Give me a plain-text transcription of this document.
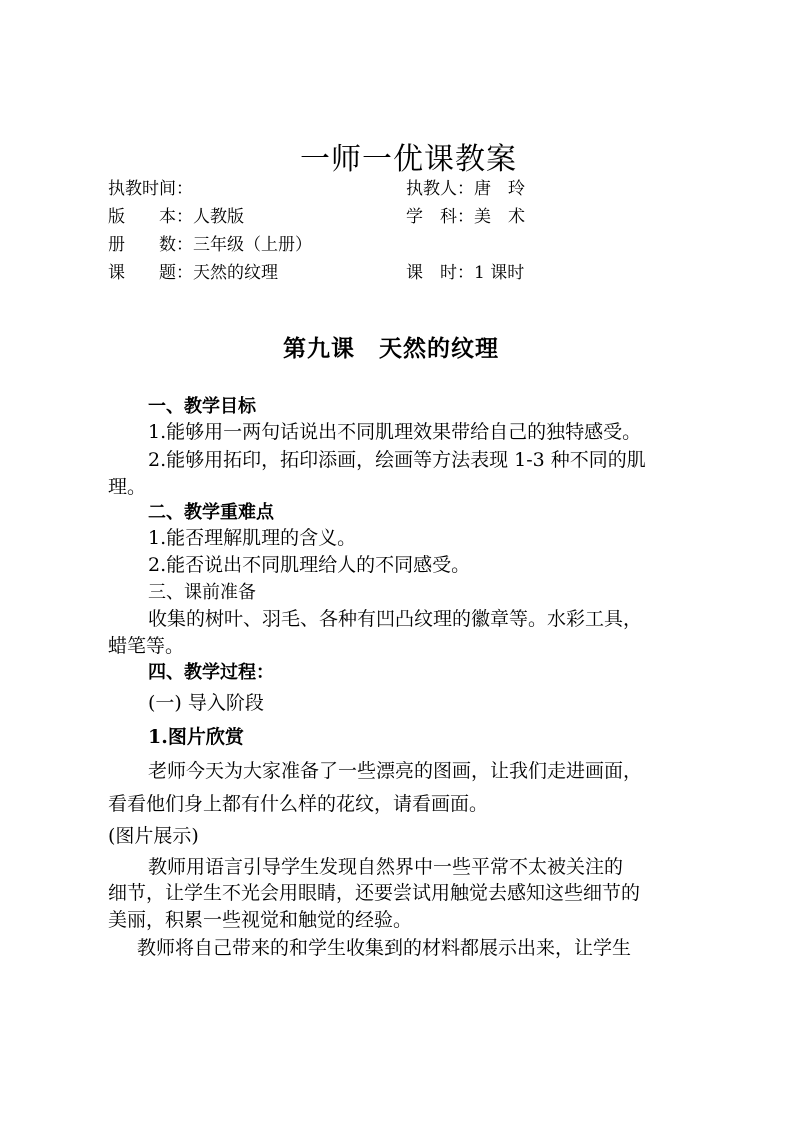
一师一优课教案
执教时间：	执教人：唐　玲
版　　本：人教版	学　科：美　术
册　　数：三年级（上册）
课　　题：天然的纹理	课　时：1 课时
第九课　天然的纹理
一、教学目标
1.能够用一两句话说出不同肌理效果带给自己的独特感受。
2.能够用拓印，拓印添画，绘画等方法表现 1-3 种不同的肌
理。
二、教学重难点
1.能否理解肌理的含义。
2.能否说出不同肌理给人的不同感受。
三、课前准备
收集的树叶、羽毛、各种有凹凸纹理的徽章等。水彩工具，
蜡笔等。
四、教学过程：
(一) 导入阶段
1.图片欣赏
老师今天为大家准备了一些漂亮的图画，让我们走进画面，
看看他们身上都有什么样的花纹，请看画面。
(图片展示)
教师用语言引导学生发现自然界中一些平常不太被关注的
细节，让学生不光会用眼睛，还要尝试用触觉去感知这些细节的
美丽，积累一些视觉和触觉的经验。
教师将自己带来的和学生收集到的材料都展示出来，让学生
